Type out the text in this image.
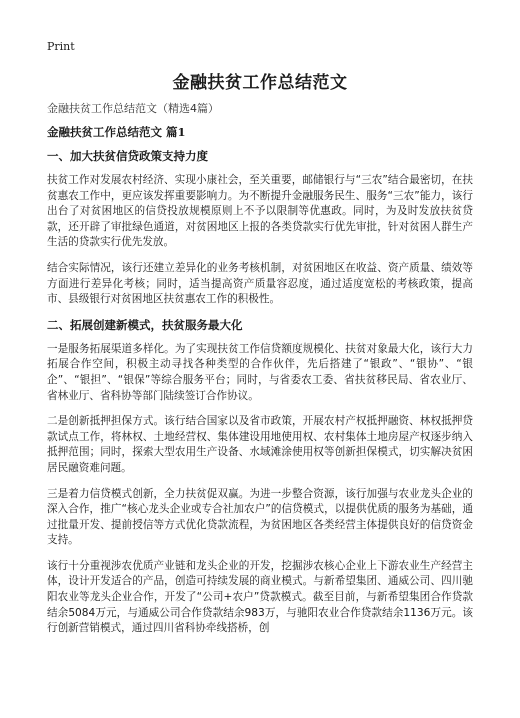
Print
金融扶贫工作总结范文
金融扶贫工作总结范文（精选4篇）
金融扶贫工作总结范文 篇1
一、加大扶贫信贷政策支持力度

扶贫工作对发展农村经济、实现小康社会，至关重要，邮储银行与“三农”结合最密切，在扶贫惠农工作中，更应该发挥重要影响力。为不断提升金融服务民生、服务“三农”能力，该行出台了对贫困地区的信贷投放规模原则上不予以限制等优惠政。同时，为及时发放扶贫贷款，还开辟了审批绿色通道，对贫困地区上报的各类贷款实行优先审批，针对贫困人群生产生活的贷款实行优先发放。

结合实际情况，该行还建立差异化的业务考核机制，对贫困地区在收益、资产质量、绩效等方面进行差异化考核；同时，适当提高资产质量容忍度，通过适度宽松的考核政策，提高市、县级银行对贫困地区扶贫惠农工作的积极性。

二、拓展创建新模式，扶贫服务最大化

一是服务拓展渠道多样化。为了实现扶贫工作信贷额度规模化、扶贫对象最大化，该行大力拓展合作空间，积极主动寻找各种类型的合作伙伴，先后搭建了“银政”、“银协”、“银企”、“银担”、“银保”等综合服务平台；同时，与省委农工委、省扶贫移民局、省农业厅、省林业厅、省科协等部门陆续签订合作协议。

二是创新抵押担保方式。该行结合国家以及省市政策，开展农村产权抵押融资、林权抵押贷款试点工作，将林权、土地经营权、集体建设用地使用权、农村集体土地房屋产权逐步纳入抵押范围；同时，探索大型农用生产设备、水域滩涂使用权等创新担保模式，切实解决贫困居民融资难问题。

三是着力信贷模式创新，全力扶贫促双赢。为进一步整合资源，该行加强与农业龙头企业的深入合作，推广“核心龙头企业或专合社加农户”的信贷模式，以提供优质的服务为基础，通过批量开发、提前授信等方式优化贷款流程，为贫困地区各类经营主体提供良好的信贷资金支持。

该行十分重视涉农优质产业链和龙头企业的开发，挖掘涉农核心企业上下游农业生产经营主体，设计开发适合的产品，创造可持续发展的商业模式。与新希望集团、通威公司、四川驰阳农业等龙头企业合作，开发了“公司+农户”贷款模式。截至目前，与新希望集团合作贷款结余5084万元，与通威公司合作贷款结余983万，与驰阳农业合作贷款结余1136万元。该行创新营销模式，通过四川省科协牵线搭桥，创
